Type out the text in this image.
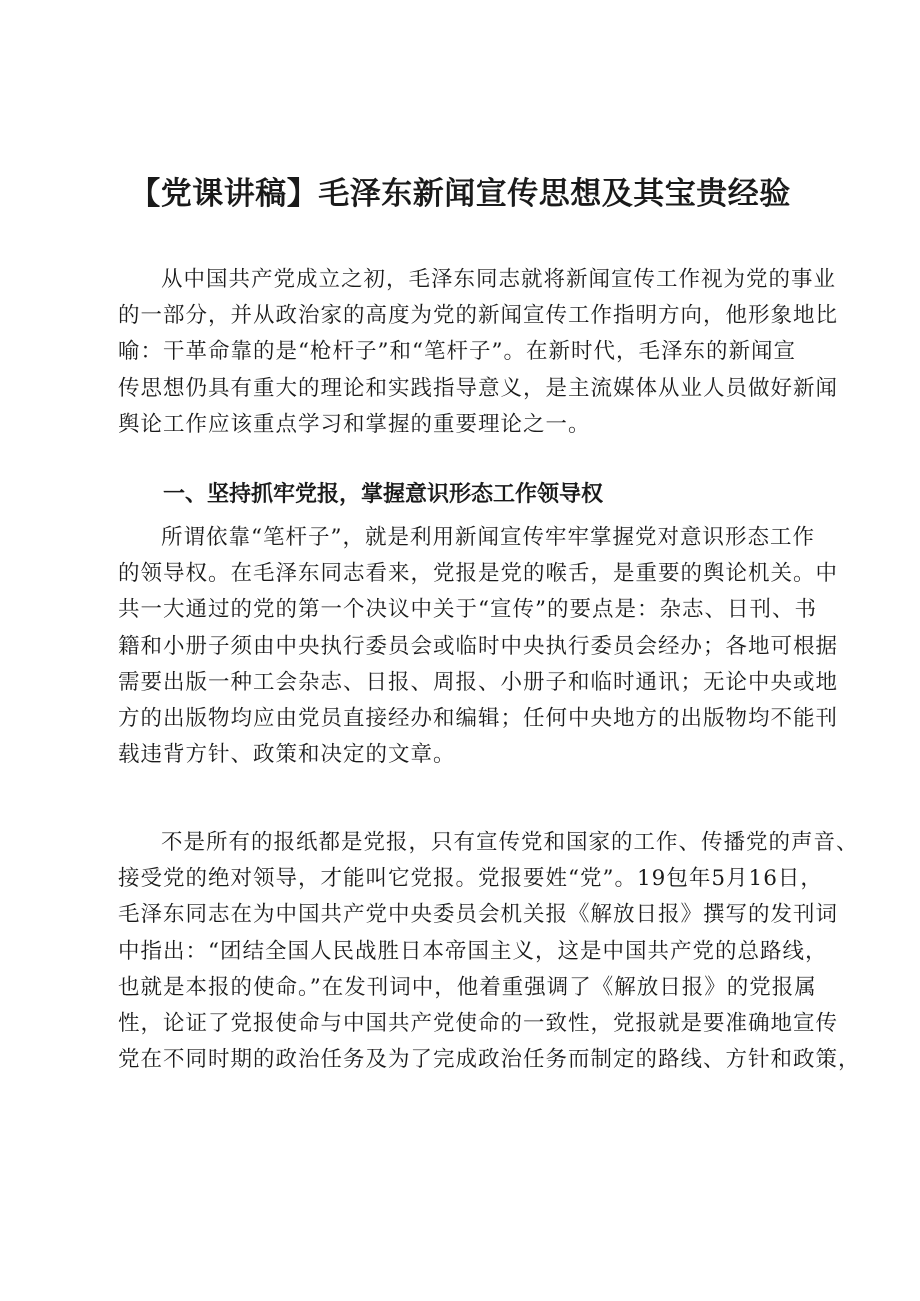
【党课讲稿】毛泽东新闻宣传思想及其宝贵经验
从中国共产党成立之初，毛泽东同志就将新闻宣传工作视为党的事业
的一部分，并从政治家的高度为党的新闻宣传工作指明方向，他形象地比
喻：干革命靠的是“枪杆子”和“笔杆子”。在新时代，毛泽东的新闻宣
传思想仍具有重大的理论和实践指导意义，是主流媒体从业人员做好新闻
舆论工作应该重点学习和掌握的重要理论之一。
一、坚持抓牢党报，掌握意识形态工作领导权
所谓依靠“笔杆子”，就是利用新闻宣传牢牢掌握党对意识形态工作
的领导权。在毛泽东同志看来，党报是党的喉舌，是重要的舆论机关。中
共一大通过的党的第一个决议中关于“宣传”的要点是：杂志、日刊、书
籍和小册子须由中央执行委员会或临时中央执行委员会经办；各地可根据
需要出版一种工会杂志、日报、周报、小册子和临时通讯；无论中央或地
方的出版物均应由党员直接经办和编辑；任何中央地方的出版物均不能刊
载违背方针、政策和决定的文章。
不是所有的报纸都是党报，只有宣传党和国家的工作、传播党的声音、
接受党的绝对领导，才能叫它党报。党报要姓“党”。19包年5月16日，
毛泽东同志在为中国共产党中央委员会机关报《解放日报》撰写的发刊词
中指出：“团结全国人民战胜日本帝国主义，这是中国共产党的总路线，
也就是本报的使命。”在发刊词中，他着重强调了《解放日报》的党报属
性，论证了党报使命与中国共产党使命的一致性，党报就是要准确地宣传
党在不同时期的政治任务及为了完成政治任务而制定的路线、方针和政策，
